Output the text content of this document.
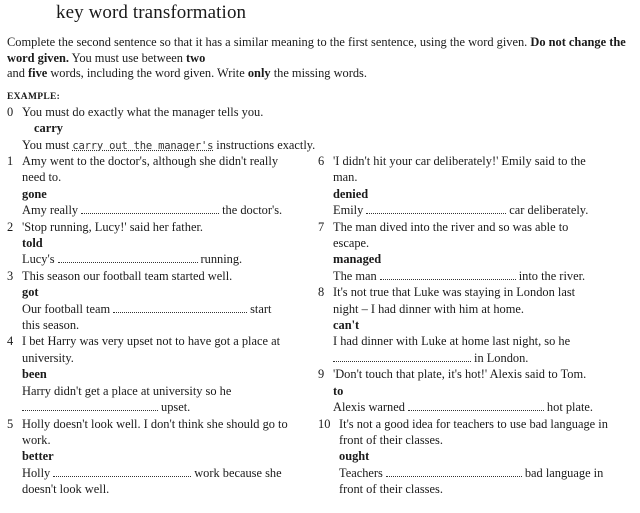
key word transformation
Complete the second sentence so that it has a similar meaning to the first sentence, using the word given. Do not change the word given. You must use between two
and five words, including the word given. Write only the missing words.
EXAMPLE:
0 You must do exactly what the manager tells you.
carry
You must carry out the manager's instructions exactly.
1 Amy went to the doctor's, although she didn't really
need to.
gone
Amy really	the doctor's.
2 'Stop running, Lucy!' said her father.
told
Lucy's	running.
3 This season our football team started well.
got
Our football team	start
this season.
4 I bet Harry was very upset not to have got a place at
university.
been
Harry didn't get a place at university so he
upset.
5 Holly doesn't look well. I don't think she should go to
work.
better
Holly	work because she
doesn't look well.
6 'I didn't hit your car deliberately!' Emily said to the
man.
denied
Emily	car deliberately.
7 The man dived into the river and so was able to
escape.
managed
The man	into the river.
8 It's not true that Luke was staying in London last
night – I had dinner with him at home.
can't
I had dinner with Luke at home last night, so he
in London.
9 'Don't touch that plate, it's hot!' Alexis said to Tom.
to
Alexis warned	hot plate.
10 It's not a good idea for teachers to use bad language in
front of their classes.
ought
Teachers	bad language in
front of their classes.
